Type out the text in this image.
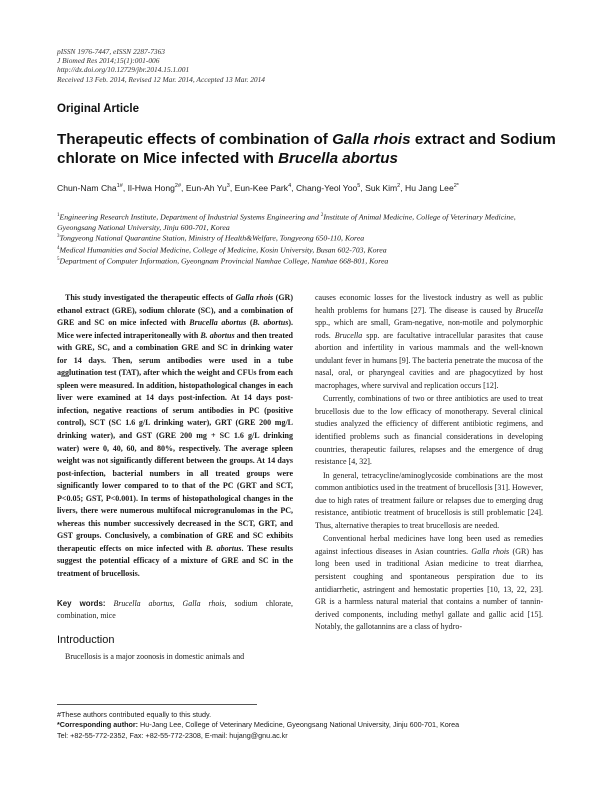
pISSN 1976-7447, eISSN 2287-7363
J Biomed Res 2014;15(1):001-006
http://dx.doi.org/10.12729/jbr.2014.15.1.001
Received 13 Feb. 2014, Revised 12 Mar. 2014, Accepted 13 Mar. 2014
Original Article
Therapeutic effects of combination of Galla rhois extract and Sodium chlorate on Mice infected with Brucella abortus
Chun-Nam Cha$^{1\#}$, Il-Hwa Hong$^{2\#}$, Eun-Ah Yu$^3$, Eun-Kee Park$^4$, Chang-Yeol Yoo$^5$, Suk Kim$^2$, Hu Jang Lee$^{2*}$
$^1$Engineering Research Institute, Department of Industrial Systems Engineering and $^2$Institute of Animal Medicine, College of Veterinary Medicine, Gyeongsang National University, Jinju 600-701, Korea
$^3$Tongyeong National Quarantine Station, Ministry of Health&Welfare, Tongyeong 650-110, Korea
$^4$Medical Humanities and Social Medicine, College of Medicine, Kosin University, Busan 602-703, Korea
$^5$Department of Computer Information, Gyeongnam Provincial Namhae College, Namhae 668-801, Korea

This study investigated the therapeutic effects of Galla rhois (GR) ethanol extract (GRE), sodium chlorate (SC), and a combination of GRE and SC on mice infected with Brucella abortus (B. abortus). Mice were infected intraperitoneally with B. abortus and then treated with GRE, SC, and a combination GRE and SC in drinking water for 14 days. Then, serum antibodies were used in a tube agglutination test (TAT), after which the weight and CFUs from each spleen were measured. In addition, histopathological changes in each liver were examined at 14 days post-infection. At 14 days post-infection, negative reactions of serum antibodies in PC (positive control), SCT (SC 1.6 g/L drinking water), GRT (GRE 200 mg/L drinking water), and GST (GRE 200 mg + SC 1.6 g/L drinking water) were 0, 40, 60, and 80%, respectively. The average spleen weight was not significantly different between the groups. At 14 days post-infection, bacterial numbers in all treated groups were significantly lower compared to to that of the PC (GRT and SCT, P<0.05; GST, P<0.001). In terms of histopathological changes in the livers, there were numerous multifocal microgranulomas in the PC, whereas this number successively decreased in the SCT, GRT, and GST groups. Conclusively, a combination of GRE and SC exhibits therapeutic effects on mice infected with B. abortus. These results suggest the potential efficacy of a mixture of GRE and SC in the treatment of brucellosis.

Key words: Brucella abortus, Galla rhois, sodium chlorate, combination, mice
Introduction
Brucellosis is a major zoonosis in domestic animals and

causes economic losses for the livestock industry as well as public health problems for humans [27]. The disease is caused by Brucella spp., which are small, Gram-negative, non-motile and polymorphic rods. Brucella spp. are facultative intracellular parasites that cause abortion and infertility in various mammals and the well-known undulant fever in humans [9]. The bacteria penetrate the mucosa of the nasal, oral, or pharyngeal cavities and are phagocytized by host macrophages, where survival and replication occurs [12].

Currently, combinations of two or three antibiotics are used to treat brucellosis due to the low efficacy of monotherapy. Several clinical studies analyzed the efficiency of different antibiotic regimens, and identified problems such as financial considerations in developing countries, therapeutic failures, relapses and the emergence of drug resistance [4, 32].

In general, tetracycline/aminoglycoside combinations are the most common antibiotics used in the treatment of brucellosis [31]. However, due to high rates of treatment failure or relapses due to emerging drug resistance, antibiotic treatment of brucellosis is still problematic [24]. Thus, alternative therapies to treat brucellosis are needed.

Conventional herbal medicines have long been used as remedies against infectious diseases in Asian countries. Galla rhois (GR) has long been used in traditional Asian medicine to treat diarrhea, persistent coughing and spontaneous perspiration due to its antidiarrhetic, astringent and hemostatic properties [10, 13, 22, 23]. GR is a harmless natural material that contains a number of tannin-derived components, including methyl gallate and gallic acid [15]. Notably, the gallotannins are a class of hydro-

#These authors contributed equally to this study.
*Corresponding author: Hu-Jang Lee, College of Veterinary Medicine, Gyeongsang National University, Jinju 600-701, Korea
Tel: +82-55-772-2352, Fax: +82-55-772-2308, E-mail: hujang@gnu.ac.kr
